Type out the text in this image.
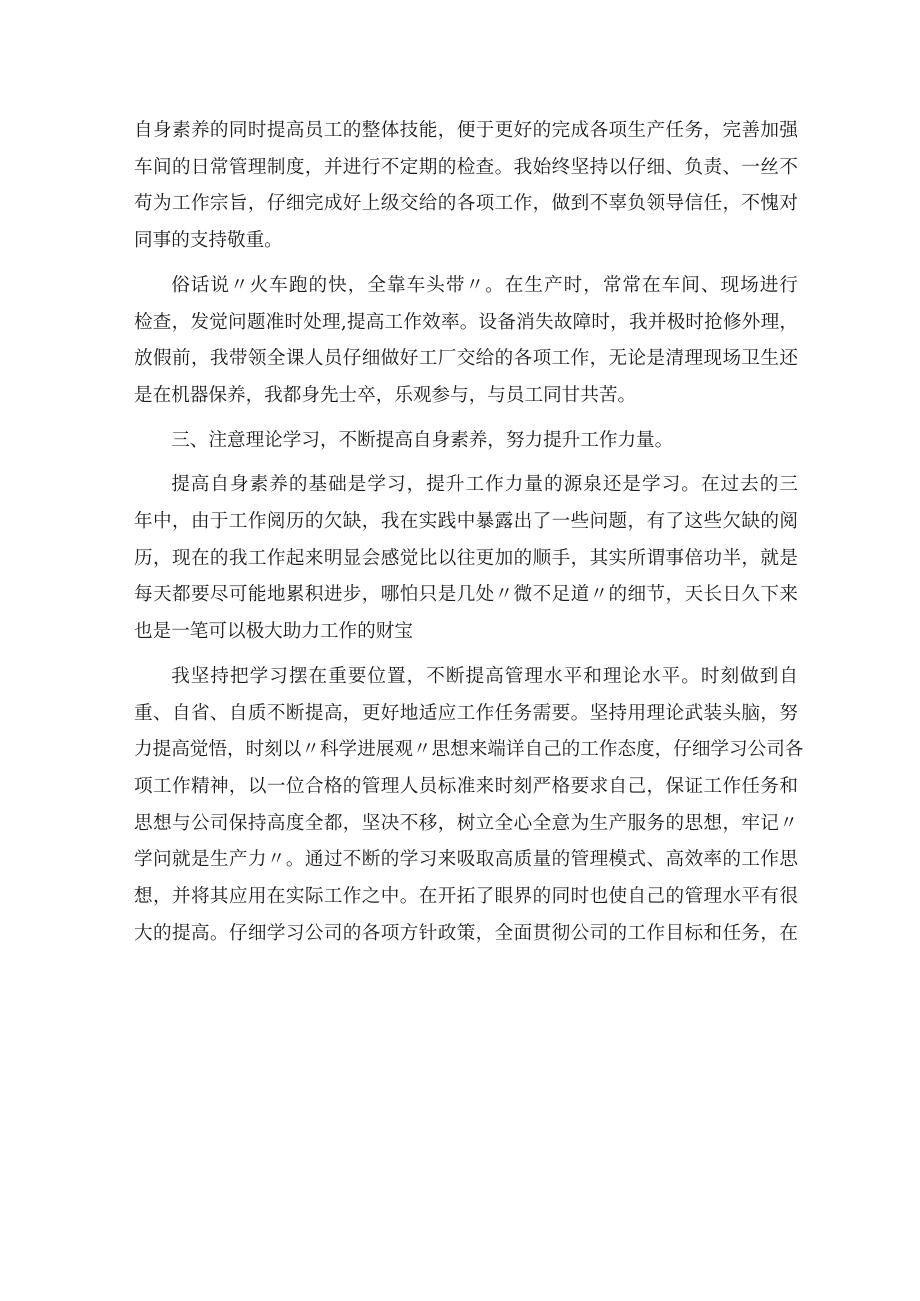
自身素养的同时提高员工的整体技能，便于更好的完成各项生产任务，完善加强
车间的日常管理制度，并进行不定期的检查。我始终坚持以仔细、负责、一丝不
苟为工作宗旨，仔细完成好上级交给的各项工作，做到不辜负领导信任，不愧对
同事的支持敬重。
俗话说〃火车跑的快，全靠车头带〃。在生产时，常常在车间、现场进行
检查，发觉问题准时处理,提高工作效率。设备消失故障时，我并极时抢修外理，
放假前，我带领全课人员仔细做好工厂交给的各项工作，无论是清理现场卫生还
是在机器保养，我都身先士卒，乐观参与，与员工同甘共苦。
三、注意理论学习，不断提高自身素养，努力提升工作力量。
提高自身素养的基础是学习，提升工作力量的源泉还是学习。在过去的三
年中，由于工作阅历的欠缺，我在实践中暴露出了一些问题，有了这些欠缺的阅
历，现在的我工作起来明显会感觉比以往更加的顺手，其实所谓事倍功半，就是
每天都要尽可能地累积进步，哪怕只是几处〃微不足道〃的细节，天长日久下来
也是一笔可以极大助力工作的财宝
我坚持把学习摆在重要位置，不断提高管理水平和理论水平。时刻做到自
重、自省、自质不断提高，更好地适应工作任务需要。坚持用理论武装头脑，努
力提高觉悟，时刻以〃科学进展观〃思想来端详自己的工作态度，仔细学习公司各
项工作精神，以一位合格的管理人员标准来时刻严格要求自己，保证工作任务和
思想与公司保持高度全都，坚决不移，树立全心全意为生产服务的思想，牢记〃
学问就是生产力〃。通过不断的学习来吸取高质量的管理模式、高效率的工作思
想，并将其应用在实际工作之中。在开拓了眼界的同时也使自己的管理水平有很
大的提高。仔细学习公司的各项方针政策，全面贯彻公司的工作目标和任务，在
